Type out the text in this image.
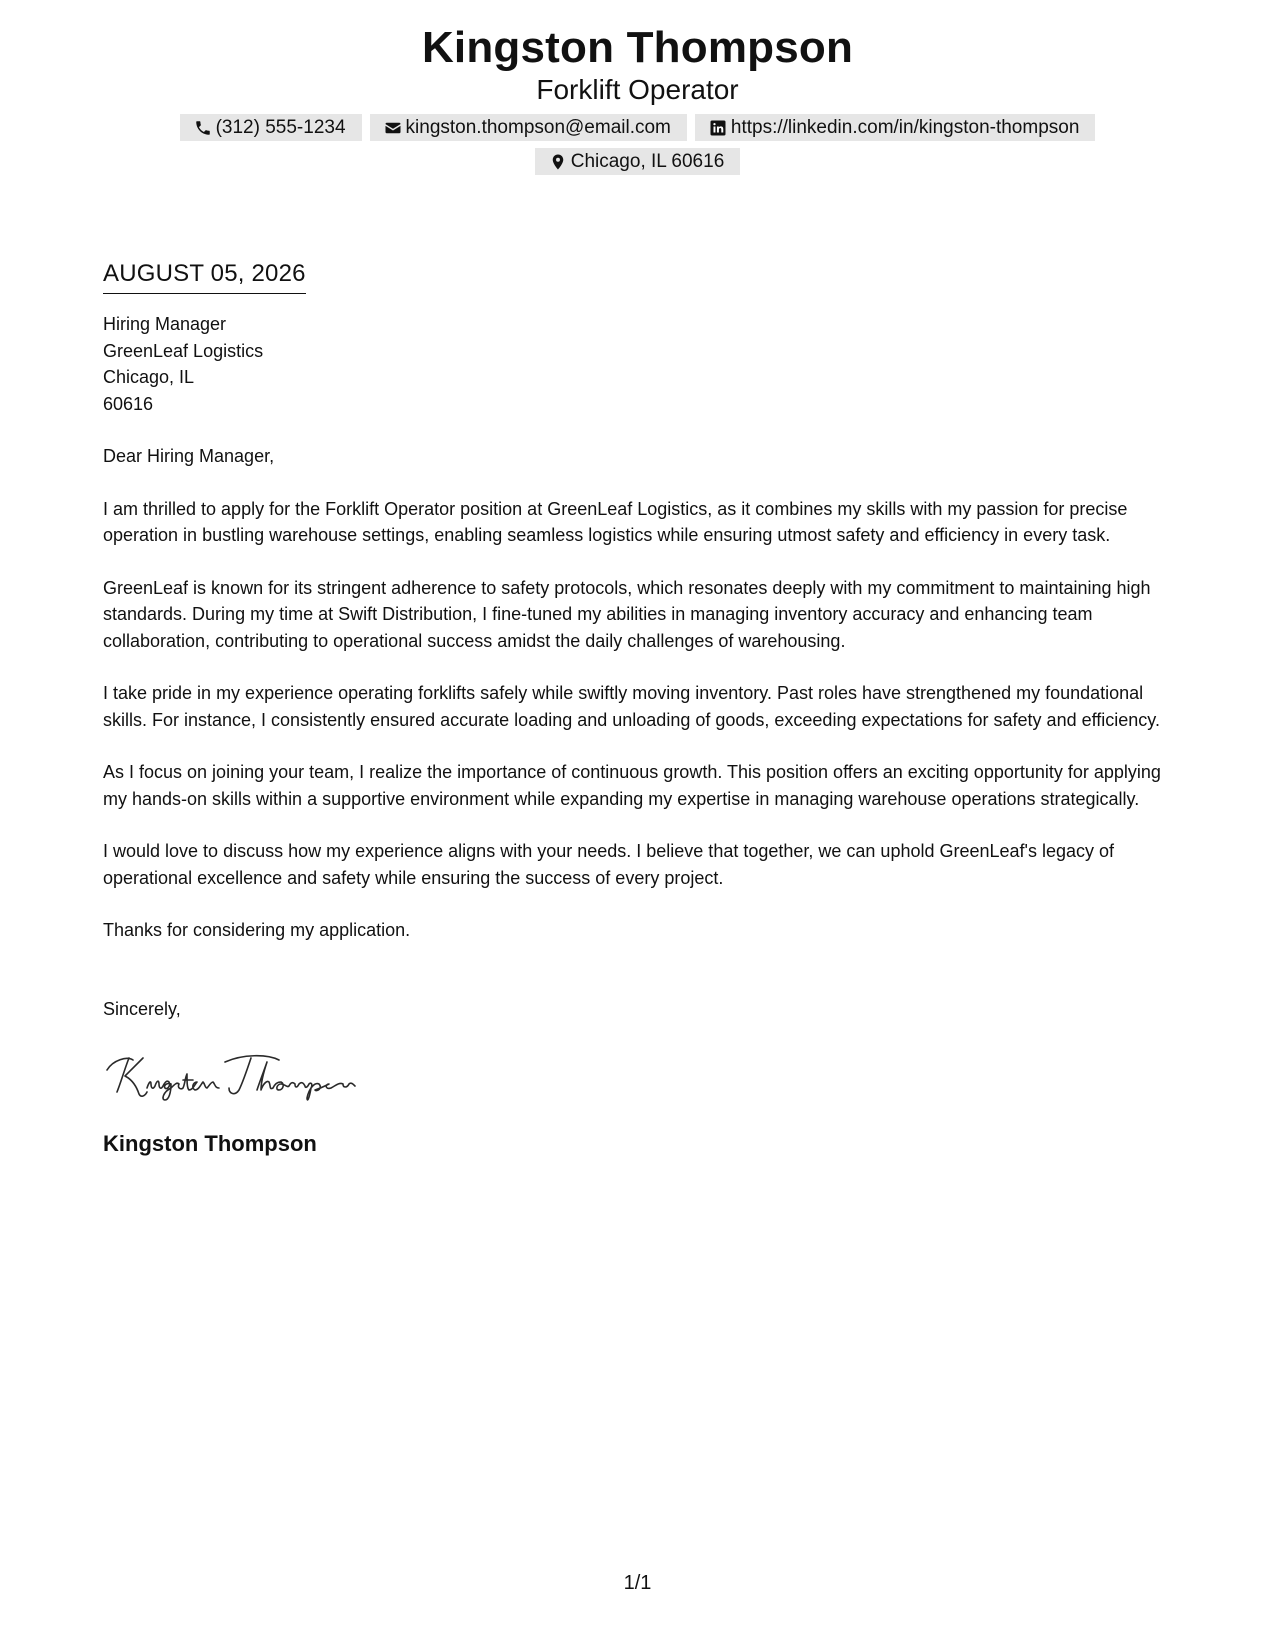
Kingston Thompson
Forklift Operator
(312) 555-1234	kingston.thompson@email.com	https://linkedin.com/in/kingston-thompson
Chicago, IL 60616
AUGUST 05, 2026
Hiring Manager
GreenLeaf Logistics
Chicago, IL
60616
Dear Hiring Manager,
I am thrilled to apply for the Forklift Operator position at GreenLeaf Logistics, as it combines my skills with my passion for precise operation in bustling warehouse settings, enabling seamless logistics while ensuring utmost safety and efficiency in every task.
GreenLeaf is known for its stringent adherence to safety protocols, which resonates deeply with my commitment to maintaining high standards. During my time at Swift Distribution, I fine-tuned my abilities in managing inventory accuracy and enhancing team collaboration, contributing to operational success amidst the daily challenges of warehousing.
I take pride in my experience operating forklifts safely while swiftly moving inventory. Past roles have strengthened my foundational skills. For instance, I consistently ensured accurate loading and unloading of goods, exceeding expectations for safety and efficiency.
As I focus on joining your team, I realize the importance of continuous growth. This position offers an exciting opportunity for applying my hands-on skills within a supportive environment while expanding my expertise in managing warehouse operations strategically.
I would love to discuss how my experience aligns with your needs. I believe that together, we can uphold GreenLeaf's legacy of operational excellence and safety while ensuring the success of every project.
Thanks for considering my application.
Sincerely,
Kingston Thompson
1/1
